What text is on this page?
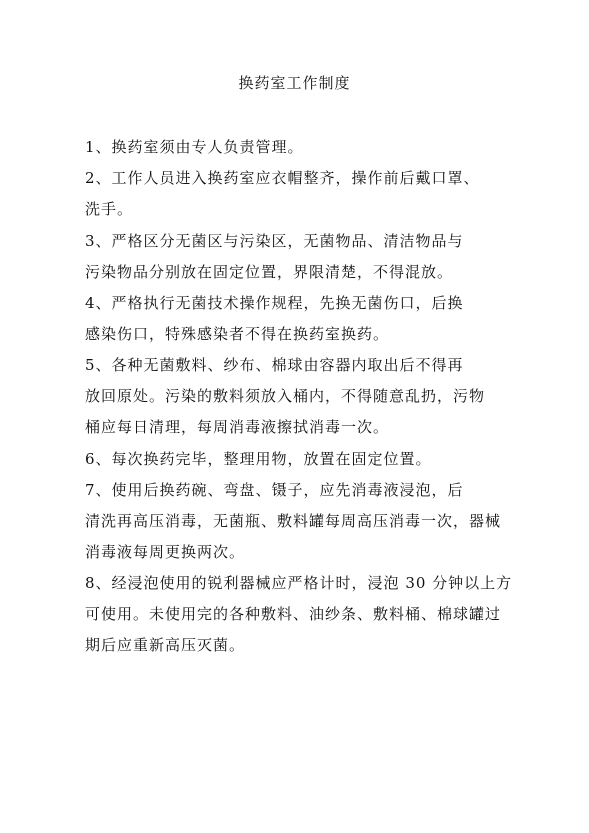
换药室工作制度
1、换药室须由专人负责管理。
2、工作人员进入换药室应衣帽整齐，操作前后戴口罩、
洗手。
3、严格区分无菌区与污染区，无菌物品、清洁物品与
污染物品分别放在固定位置，界限清楚，不得混放。
4、严格执行无菌技术操作规程，先换无菌伤口，后换
感染伤口，特殊感染者不得在换药室换药。
5、各种无菌敷料、纱布、棉球由容器内取出后不得再
放回原处。污染的敷料须放入桶内，不得随意乱扔，污物
桶应每日清理，每周消毒液擦拭消毒一次。
6、每次换药完毕，整理用物，放置在固定位置。
7、使用后换药碗、弯盘、镊子，应先消毒液浸泡，后
清洗再高压消毒，无菌瓶、敷料罐每周高压消毒一次，器械
消毒液每周更换两次。
8、经浸泡使用的锐利器械应严格计时，浸泡 30 分钟以上方
可使用。未使用完的各种敷料、油纱条、敷料桶、棉球罐过
期后应重新高压灭菌。
